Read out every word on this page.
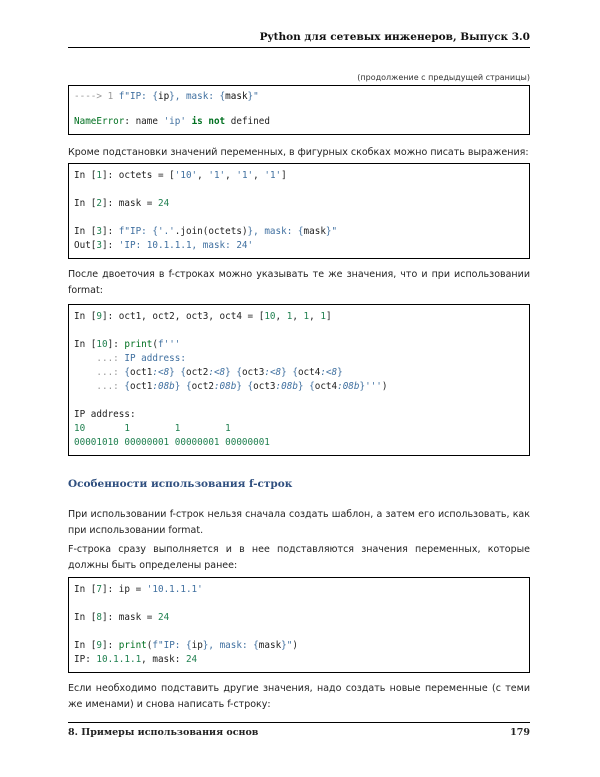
Python для сетевых инженеров, Выпуск 3.0
(продолжение с предыдущей страницы)
----> 1 f"IP: {ip}, mask: {mask}"
NameError: name 'ip' is not defined
Кроме подстановки значений переменных, в фигурных скобках можно писать выражения:
In [1]: octets = ['10', '1', '1', '1']
In [2]: mask = 24
In [3]: f"IP: {'.'.join(octets)}, mask: {mask}"
Out[3]: 'IP: 10.1.1.1, mask: 24'
После двоеточия в f-строках можно указывать те же значения, что и при использовании format:
In [9]: oct1, oct2, oct3, oct4 = [10, 1, 1, 1]
In [10]: print(f'''
...: IP address:
...: {oct1:<8} {oct2:<8} {oct3:<8} {oct4:<8}
...: {oct1:08b} {oct2:08b} {oct3:08b} {oct4:08b}''')
IP address:
10       1        1        1
00001010 00000001 00000001 00000001
Особенности использования f-строк
При использовании f-строк нельзя сначала создать шаблон, а затем его использовать, как при использовании format.
F-строка сразу выполняется и в нее подставляются значения переменных, которые должны быть определены ранее:
In [7]: ip = '10.1.1.1'
In [8]: mask = 24
In [9]: print(f"IP: {ip}, mask: {mask}")
IP: 10.1.1.1, mask: 24
Если необходимо подставить другие значения, надо создать новые переменные (с теми же именами) и снова написать f-строку:
8. Примеры использования основ	179
